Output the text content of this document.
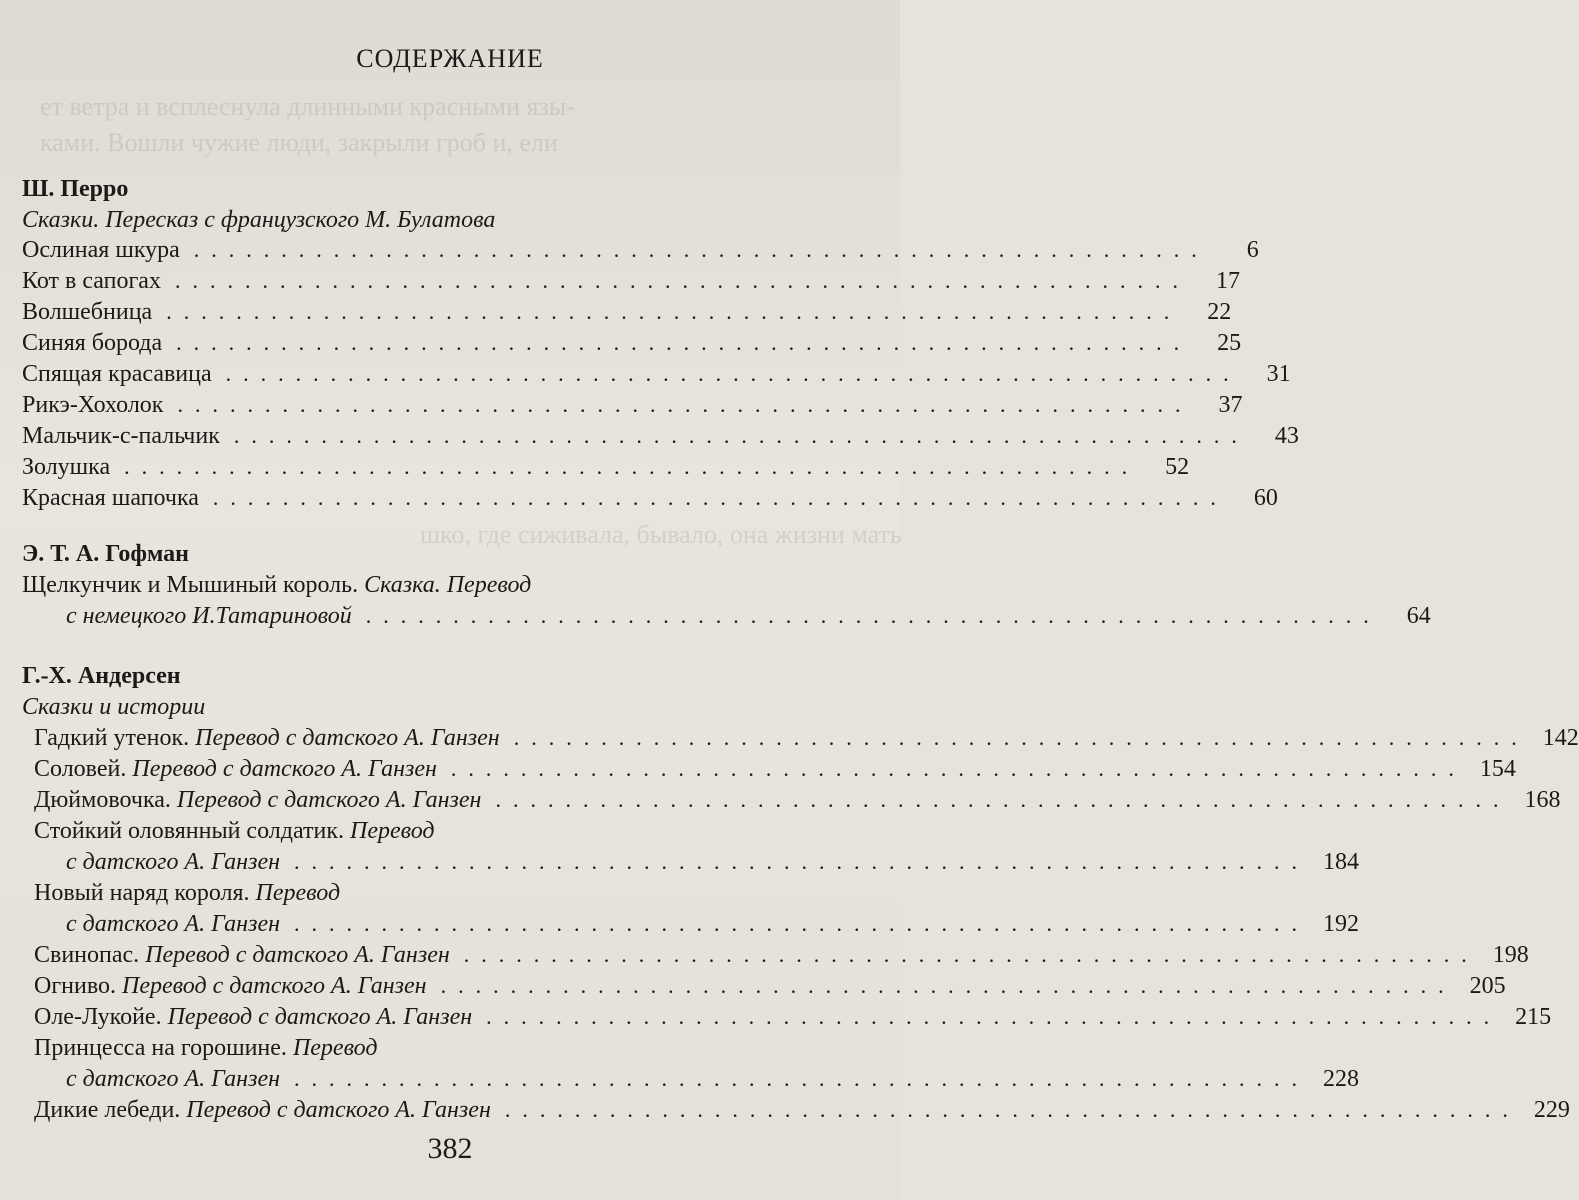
ет ветра и всплеснула длинными красными язы-
ками. Вошли чужие люди, закрыли гроб и, ели
шко, где сиживала, бывало, она жизни мать
СОДЕРЖАНИЕ
Ш. Перро
Сказки. Пересказ с французского М. Булатова
Ослиная шкура ..........................................................	6
Кот в сапогах ..........................................................	17
Волшебница ..........................................................	22
Синяя борода ..........................................................	25
Спящая красавица ..........................................................	31
Рикэ-Хохолок ..........................................................	37
Мальчик-с-пальчик ..........................................................	43
Золушка ..........................................................	52
Красная шапочка ..........................................................	60
Э. Т. А. Гофман
Щелкунчик и Мышиный король. Сказка. Перевод
с немецкого И.Татариновой ..........................................................	64
Г.-Х. Андерсен
Сказки и истории
Гадкий утенок. Перевод с датского А. Ганзен .......................................................... 142
Соловей. Перевод с датского А. Ганзен .......................................................... 154
Дюймовочка. Перевод с датского А. Ганзен .......................................................... 168
Стойкий оловянный солдатик. Перевод
с датского А. Ганзен .......................................................... 184
Новый наряд короля. Перевод
с датского А. Ганзен .......................................................... 192
Свинопас. Перевод с датского А. Ганзен .......................................................... 198
Огниво. Перевод с датского А. Ганзен .......................................................... 205
Оле-Лукойе. Перевод с датского А. Ганзен .......................................................... 215
Принцесса на горошине. Перевод
с датского А. Ганзен .......................................................... 228
Дикие лебеди. Перевод с датского А. Ганзен .......................................................... 229
382
